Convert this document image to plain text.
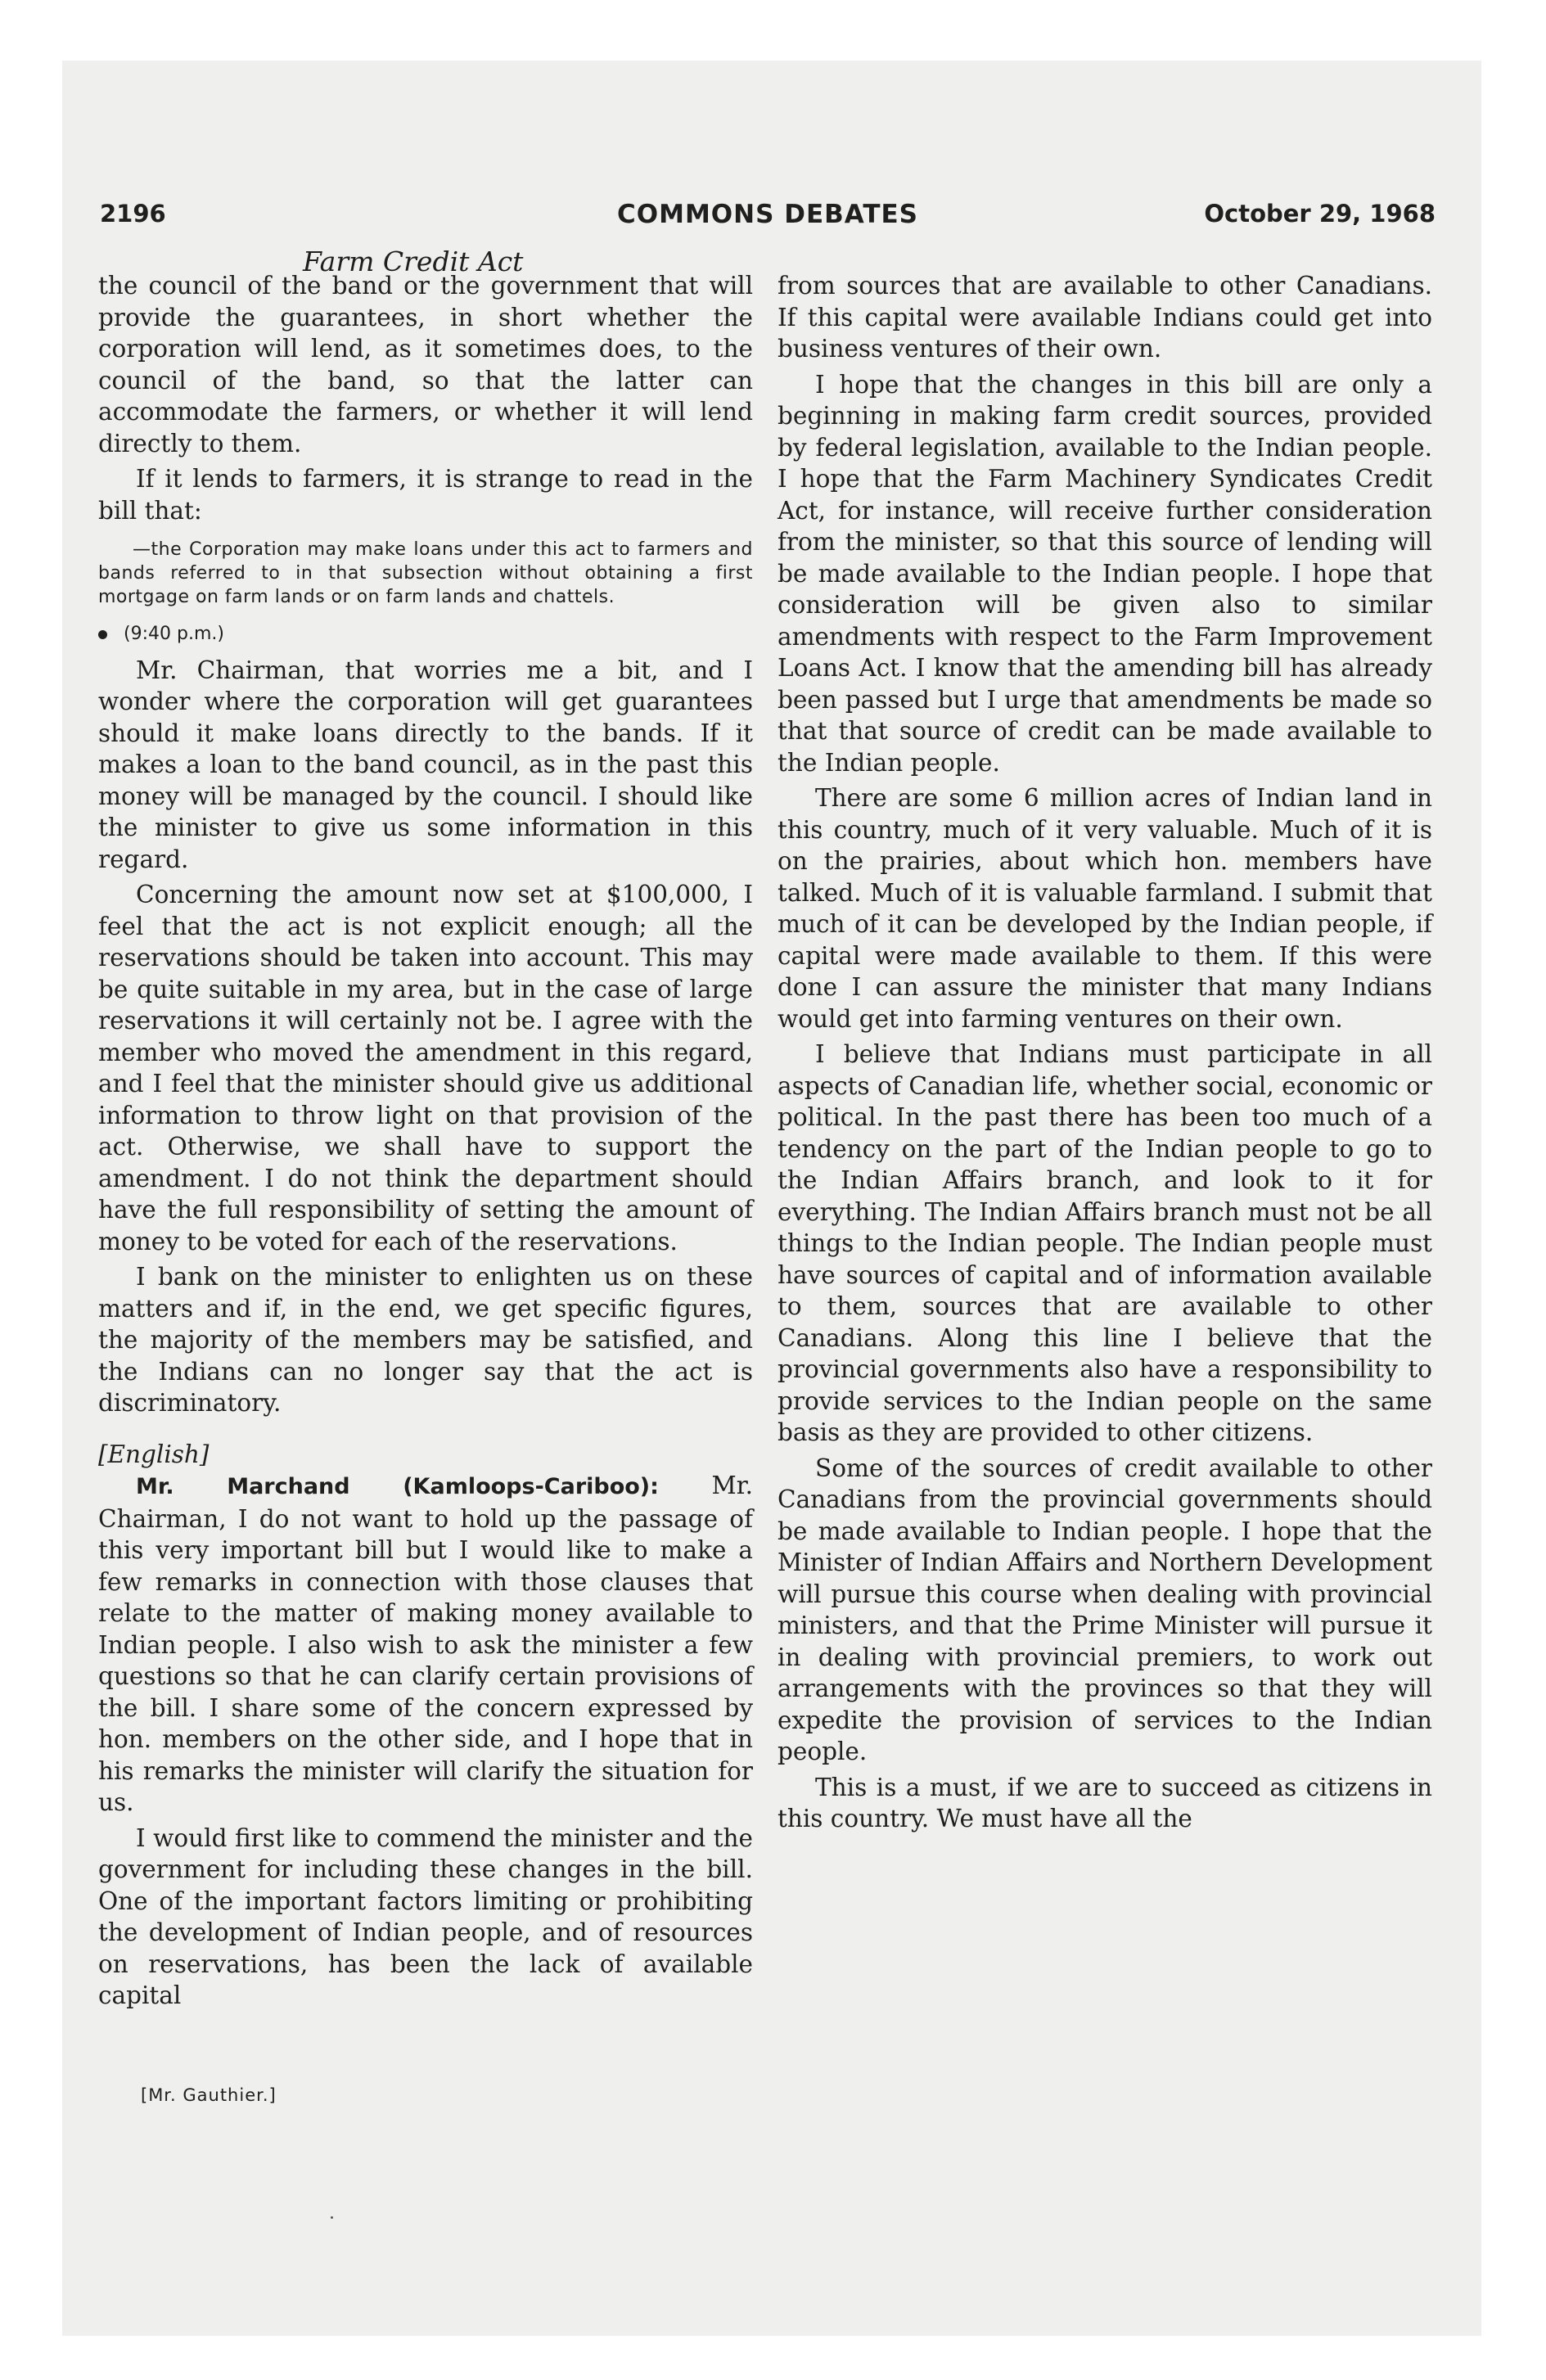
2196	COMMONS DEBATES	October 29, 1968
Farm Credit Act

the council of the band or the government that will provide the guarantees, in short whether the corporation will lend, as it sometimes does, to the council of the band, so that the latter can accommodate the farmers, or whether it will lend directly to them.

If it lends to farmers, it is strange to read in the bill that:

—the Corporation may make loans under this act to farmers and bands referred to in that subsection without obtaining a first mortgage on farm lands or on farm lands and chattels.

(9:40 p.m.)

Mr. Chairman, that worries me a bit, and I wonder where the corporation will get guarantees should it make loans directly to the bands. If it makes a loan to the band council, as in the past this money will be managed by the council. I should like the minister to give us some information in this regard.

Concerning the amount now set at $100,000, I feel that the act is not explicit enough; all the reservations should be taken into account. This may be quite suitable in my area, but in the case of large reservations it will certainly not be. I agree with the member who moved the amendment in this regard, and I feel that the minister should give us additional information to throw light on that provision of the act. Otherwise, we shall have to support the amendment. I do not think the department should have the full responsibility of setting the amount of money to be voted for each of the reservations.

I bank on the minister to enlighten us on these matters and if, in the end, we get specific figures, the majority of the members may be satisfied, and the Indians can no longer say that the act is discriminatory.

[English]

Mr. Marchand (Kamloops-Cariboo): Mr. Chairman, I do not want to hold up the passage of this very important bill but I would like to make a few remarks in connection with those clauses that relate to the matter of making money available to Indian people. I also wish to ask the minister a few questions so that he can clarify certain provisions of the bill. I share some of the concern expressed by hon. members on the other side, and I hope that in his remarks the minister will clarify the situation for us.

I would first like to commend the minister and the government for including these changes in the bill. One of the important factors limiting or prohibiting the development of Indian people, and of resources on reservations, has been the lack of available capital

from sources that are available to other Canadians. If this capital were available Indians could get into business ventures of their own.

I hope that the changes in this bill are only a beginning in making farm credit sources, provided by federal legislation, available to the Indian people. I hope that the Farm Machinery Syndicates Credit Act, for instance, will receive further consideration from the minister, so that this source of lending will be made available to the Indian people. I hope that consideration will be given also to similar amendments with respect to the Farm Improvement Loans Act. I know that the amending bill has already been passed but I urge that amendments be made so that that source of credit can be made available to the Indian people.

There are some 6 million acres of Indian land in this country, much of it very valuable. Much of it is on the prairies, about which hon. members have talked. Much of it is valuable farmland. I submit that much of it can be developed by the Indian people, if capital were made available to them. If this were done I can assure the minister that many Indians would get into farming ventures on their own.

I believe that Indians must participate in all aspects of Canadian life, whether social, economic or political. In the past there has been too much of a tendency on the part of the Indian people to go to the Indian Affairs branch, and look to it for everything. The Indian Affairs branch must not be all things to the Indian people. The Indian people must have sources of capital and of information available to them, sources that are available to other Canadians. Along this line I believe that the provincial governments also have a responsibility to provide services to the Indian people on the same basis as they are provided to other citizens.

Some of the sources of credit available to other Canadians from the provincial governments should be made available to Indian people. I hope that the Minister of Indian Affairs and Northern Development will pursue this course when dealing with provincial ministers, and that the Prime Minister will pursue it in dealing with provincial premiers, to work out arrangements with the provinces so that they will expedite the provision of services to the Indian people.

This is a must, if we are to succeed as citizens in this country. We must have all the

[Mr. Gauthier.]
